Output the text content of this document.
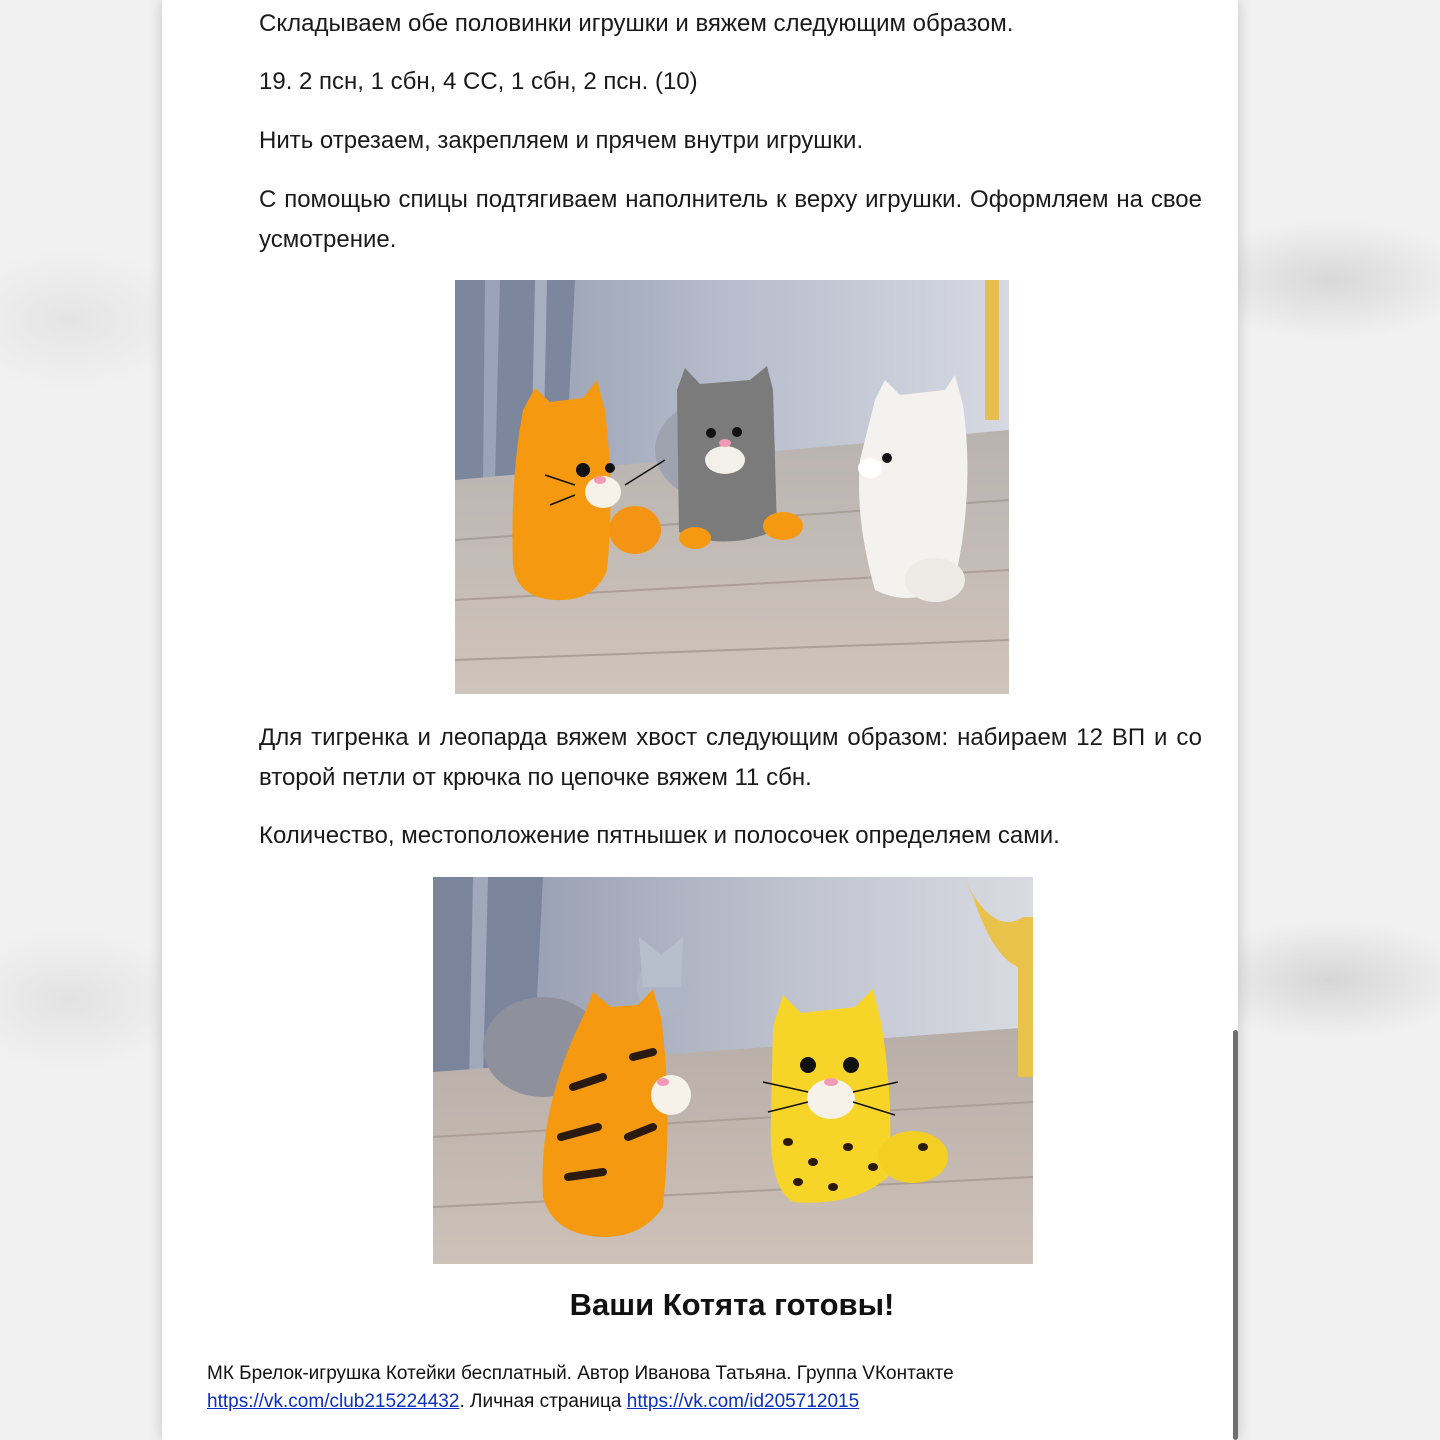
Складываем обе половинки игрушки и вяжем следующим образом.

19. 2 псн, 1 сбн, 4 СС, 1 сбн, 2 псн. (10)

Нить отрезаем, закрепляем и прячем внутри игрушки.

С помощью спицы подтягиваем наполнитель к верху игрушки. Оформляем на свое усмотрение.

Для тигренка и леопарда вяжем хвост следующим образом: набираем 12 ВП и со второй петли от крючка по цепочке вяжем 11 сбн.

Количество, местоположение пятнышек и полосочек определяем сами.

Ваши Котята готовы!
МК Брелок-игрушка Котейки бесплатный. Автор Иванова Татьяна. Группа VКонтакте
https://vk.com/club215224432. Личная страница https://vk.com/id205712015
